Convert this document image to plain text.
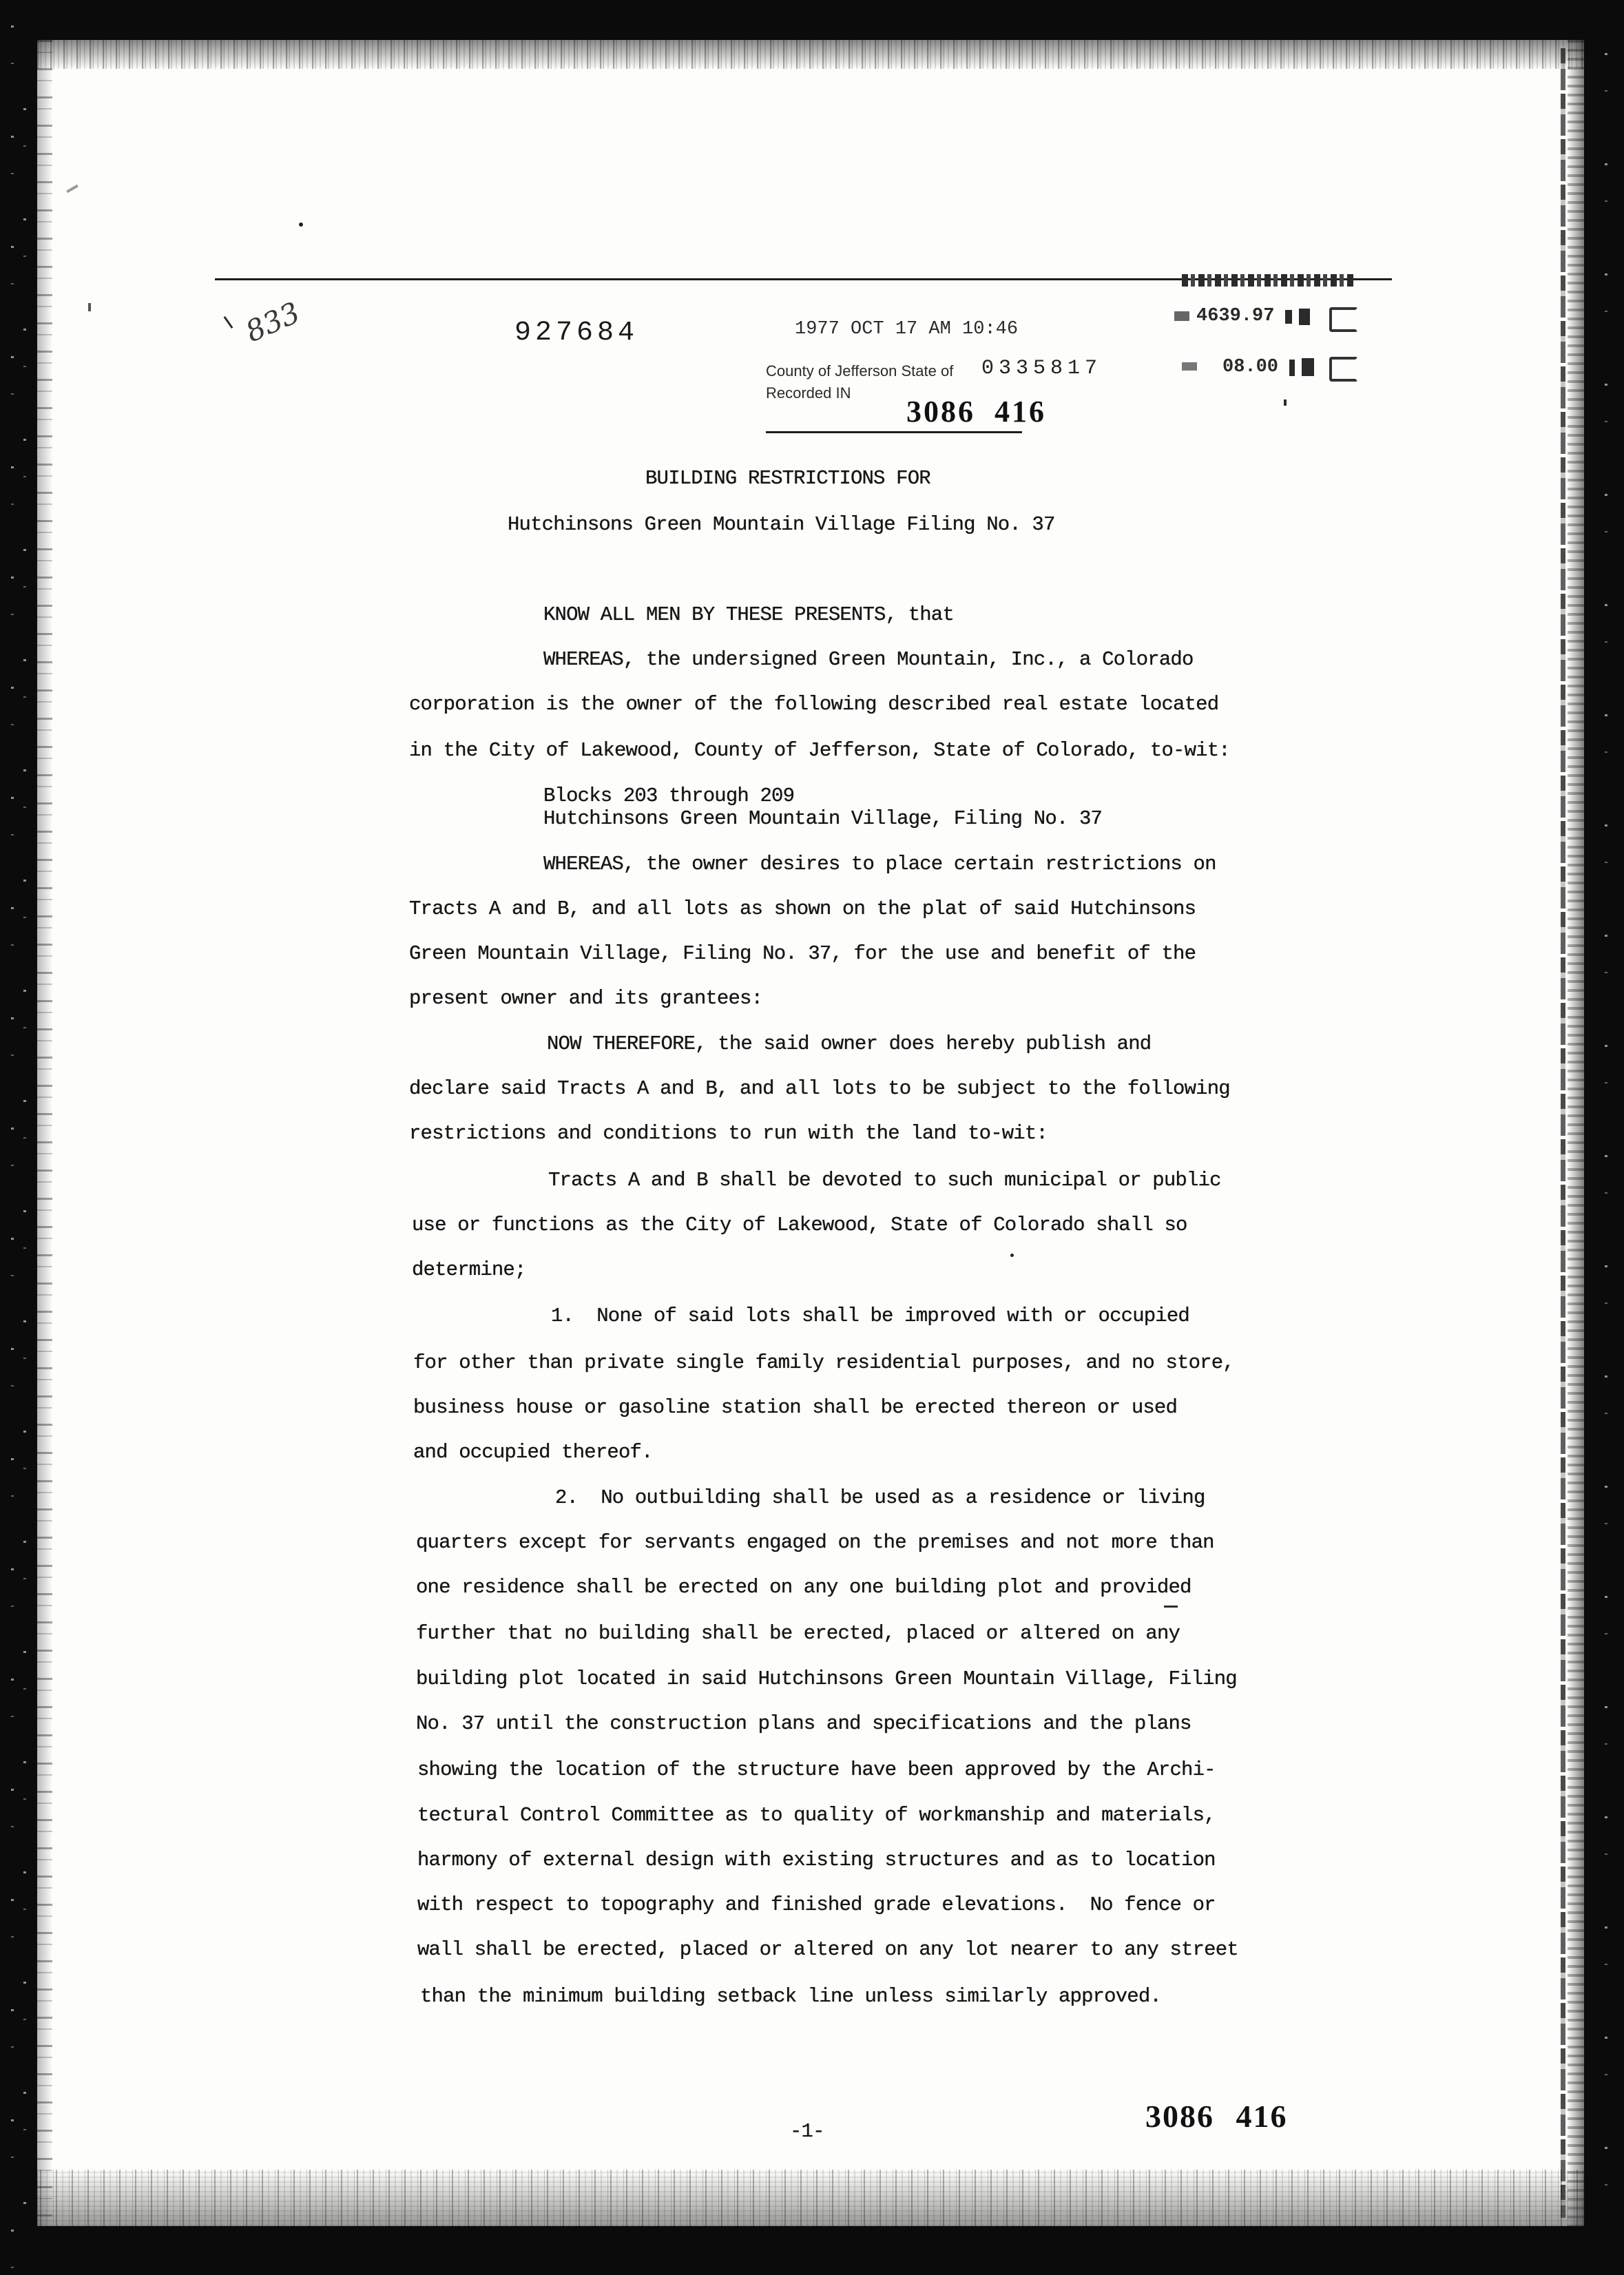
833	927684	1977 OCT 17 AM 10:46
County of Jefferson State of 0335817
Recorded IN
3086 416
4639.97
08.00
BUILDING RESTRICTIONS FOR
Hutchinsons Green Mountain Village Filing No. 37
KNOW ALL MEN BY THESE PRESENTS, that
WHEREAS, the undersigned Green Mountain, Inc., a Colorado
corporation is the owner of the following described real estate located
in the City of Lakewood, County of Jefferson, State of Colorado, to-wit:
Blocks 203 through 209
Hutchinsons Green Mountain Village, Filing No. 37
WHEREAS, the owner desires to place certain restrictions on
Tracts A and B, and all lots as shown on the plat of said Hutchinsons
Green Mountain Village, Filing No. 37, for the use and benefit of the
present owner and its grantees:
NOW THEREFORE, the said owner does hereby publish and
declare said Tracts A and B, and all lots to be subject to the following
restrictions and conditions to run with the land to-wit:
Tracts A and B shall be devoted to such municipal or public
use or functions as the City of Lakewood, State of Colorado shall so
determine;
1.  None of said lots shall be improved with or occupied
for other than private single family residential purposes, and no store,
business house or gasoline station shall be erected thereon or used
and occupied thereof.
2.  No outbuilding shall be used as a residence or living
quarters except for servants engaged on the premises and not more than
one residence shall be erected on any one building plot and provided
further that no building shall be erected, placed or altered on any
building plot located in said Hutchinsons Green Mountain Village, Filing
No. 37 until the construction plans and specifications and the plans
showing the location of the structure have been approved by the Archi-
tectural Control Committee as to quality of workmanship and materials,
harmony of external design with existing structures and as to location
with respect to topography and finished grade elevations.  No fence or
wall shall be erected, placed or altered on any lot nearer to any street
than the minimum building setback line unless similarly approved.
-1-	3086 416
